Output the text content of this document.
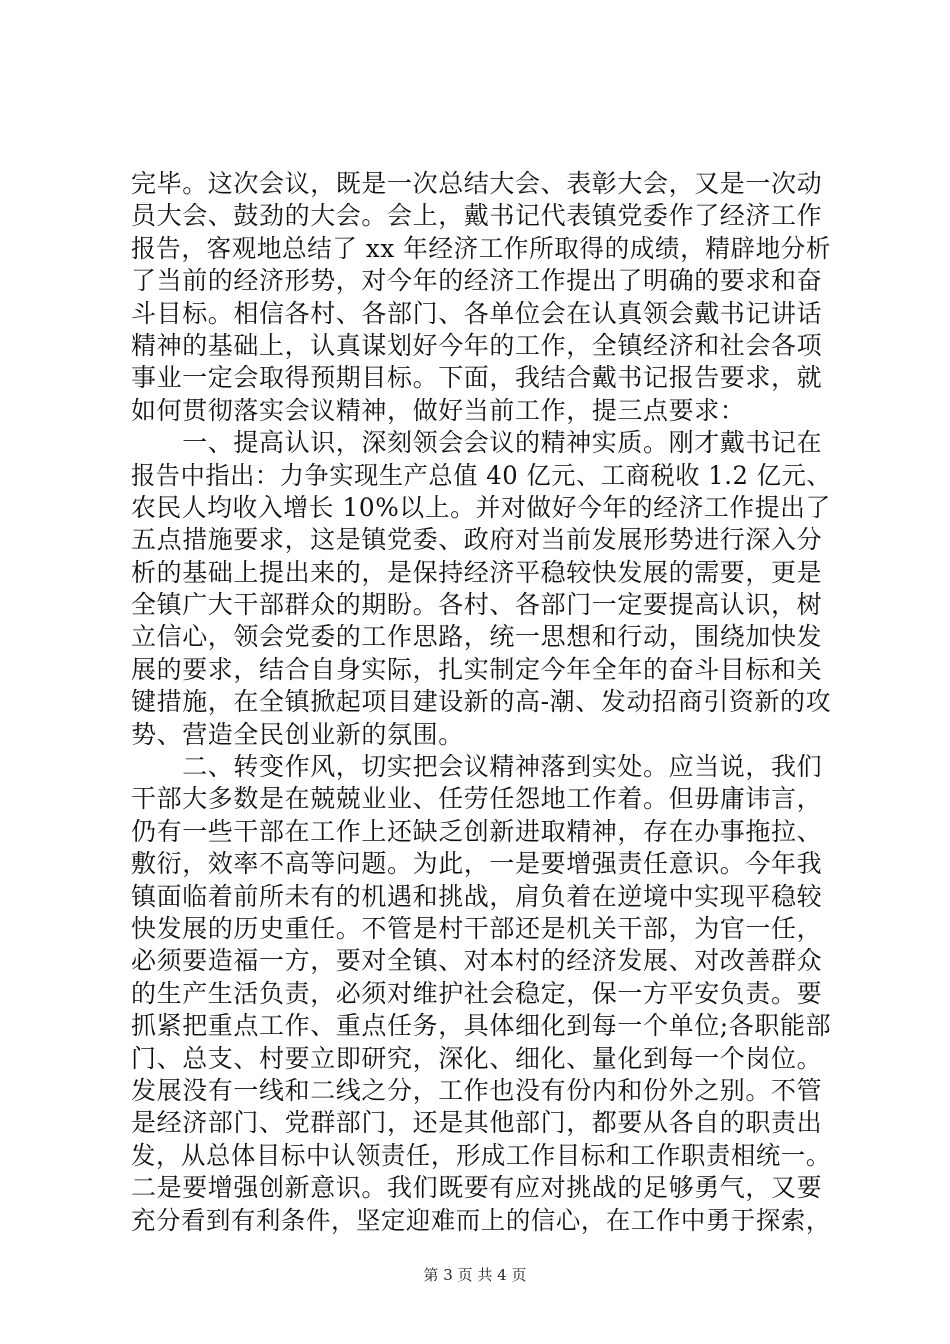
完毕。这次会议，既是一次总结大会、表彰大会，又是一次动
员大会、鼓劲的大会。会上，戴书记代表镇党委作了经济工作
报告，客观地总结了 xx 年经济工作所取得的成绩，精辟地分析
了当前的经济形势，对今年的经济工作提出了明确的要求和奋
斗目标。相信各村、各部门、各单位会在认真领会戴书记讲话
精神的基础上，认真谋划好今年的工作，全镇经济和社会各项
事业一定会取得预期目标。下面，我结合戴书记报告要求，就
如何贯彻落实会议精神，做好当前工作，提三点要求：
　　一、提高认识，深刻领会会议的精神实质。刚才戴书记在
报告中指出：力争实现生产总值 40 亿元、工商税收 1.2 亿元、
农民人均收入增长 10%以上。并对做好今年的经济工作提出了
五点措施要求，这是镇党委、政府对当前发展形势进行深入分
析的基础上提出来的，是保持经济平稳较快发展的需要，更是
全镇广大干部群众的期盼。各村、各部门一定要提高认识，树
立信心，领会党委的工作思路，统一思想和行动，围绕加快发
展的要求，结合自身实际，扎实制定今年全年的奋斗目标和关
键措施，在全镇掀起项目建设新的高-潮、发动招商引资新的攻
势、营造全民创业新的氛围。
　　二、转变作风，切实把会议精神落到实处。应当说，我们
干部大多数是在兢兢业业、任劳任怨地工作着。但毋庸讳言，
仍有一些干部在工作上还缺乏创新进取精神，存在办事拖拉、
敷衍，效率不高等问题。为此，一是要增强责任意识。今年我
镇面临着前所未有的机遇和挑战，肩负着在逆境中实现平稳较
快发展的历史重任。不管是村干部还是机关干部，为官一任，
必须要造福一方，要对全镇、对本村的经济发展、对改善群众
的生产生活负责，必须对维护社会稳定，保一方平安负责。要
抓紧把重点工作、重点任务，具体细化到每一个单位;各职能部
门、总支、村要立即研究，深化、细化、量化到每一个岗位。
发展没有一线和二线之分，工作也没有份内和份外之别。不管
是经济部门、党群部门，还是其他部门，都要从各自的职责出
发，从总体目标中认领责任，形成工作目标和工作职责相统一。
二是要增强创新意识。我们既要有应对挑战的足够勇气，又要
充分看到有利条件，坚定迎难而上的信心，在工作中勇于探索，
第 3 页 共 4 页
